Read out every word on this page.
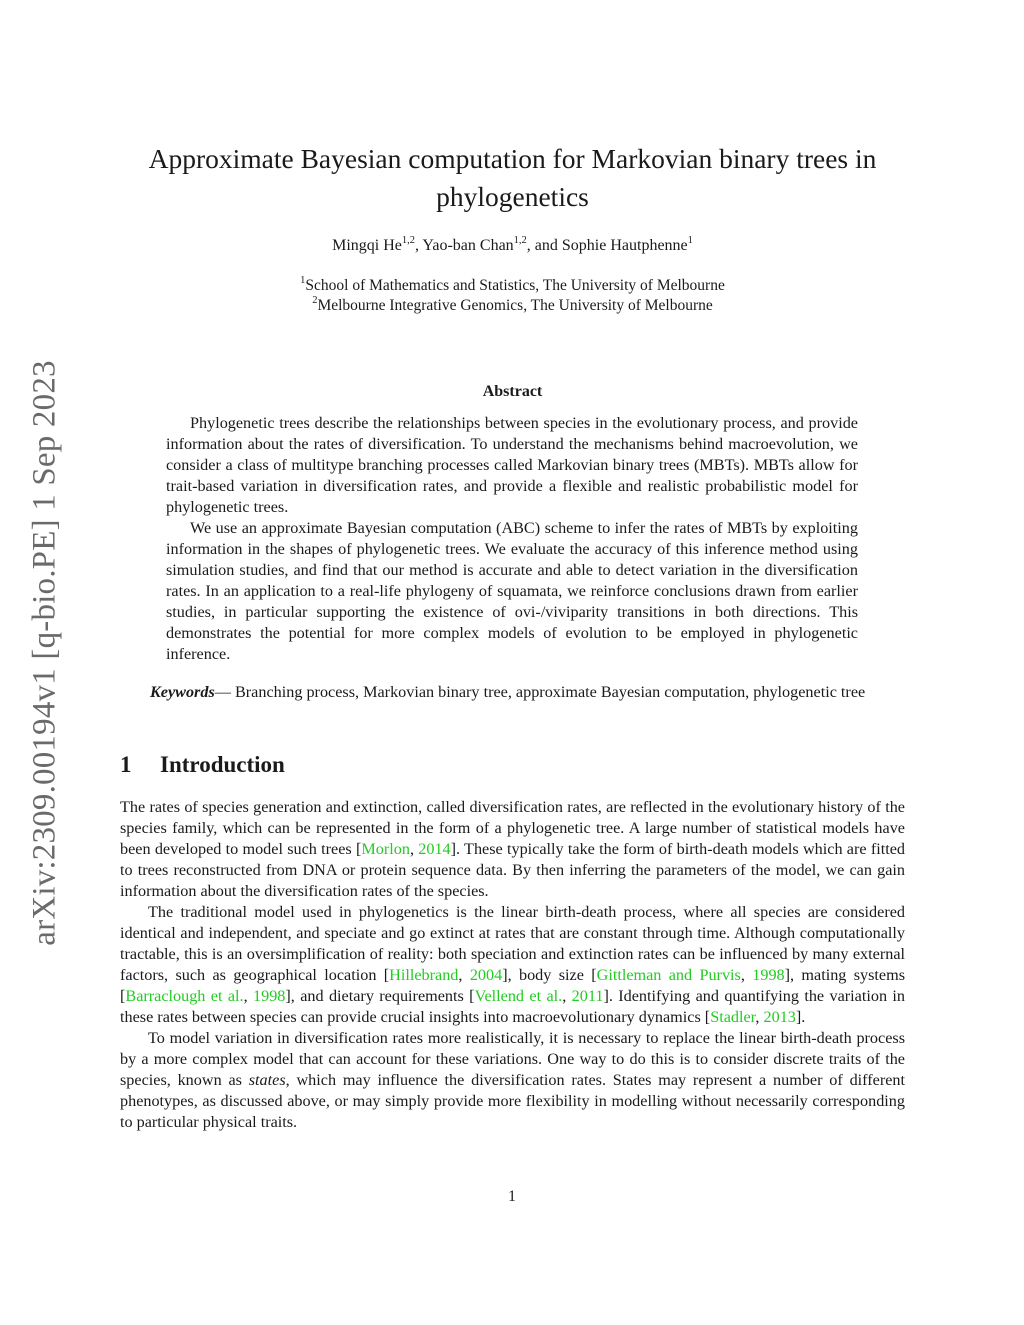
arXiv:2309.00194v1 [q-bio.PE] 1 Sep 2023
Approximate Bayesian computation for Markovian binary trees in phylogenetics
Mingqi He$^{1,2}$, Yao-ban Chan$^{1,2}$, and Sophie Hautphenne$^1$
$^1$School of Mathematics and Statistics, The University of Melbourne
$^2$Melbourne Integrative Genomics, The University of Melbourne
Abstract

Phylogenetic trees describe the relationships between species in the evolutionary process, and provide information about the rates of diversification. To understand the mechanisms behind macroevolution, we consider a class of multitype branching processes called Markovian binary trees (MBTs). MBTs allow for trait-based variation in diversification rates, and provide a flexible and realistic probabilistic model for phylogenetic trees.

We use an approximate Bayesian computation (ABC) scheme to infer the rates of MBTs by exploiting information in the shapes of phylogenetic trees. We evaluate the accuracy of this inference method using simulation studies, and find that our method is accurate and able to detect variation in the diversification rates. In an application to a real-life phylogeny of squamata, we reinforce conclusions drawn from earlier studies, in particular supporting the existence of ovi-/viviparity transitions in both directions. This demonstrates the potential for more complex models of evolution to be employed in phylogenetic inference.

Keywords— Branching process, Markovian binary tree, approximate Bayesian computation, phylogenetic tree

1 Introduction

The rates of species generation and extinction, called diversification rates, are reflected in the evolutionary history of the species family, which can be represented in the form of a phylogenetic tree. A large number of statistical models have been developed to model such trees [Morlon, 2014]. These typically take the form of birth-death models which are fitted to trees reconstructed from DNA or protein sequence data. By then inferring the parameters of the model, we can gain information about the diversification rates of the species.

The traditional model used in phylogenetics is the linear birth-death process, where all species are considered identical and independent, and speciate and go extinct at rates that are constant through time. Although computationally tractable, this is an oversimplification of reality: both speciation and extinction rates can be influenced by many external factors, such as geographical location [Hillebrand, 2004], body size [Gittleman and Purvis, 1998], mating systems [Barraclough et al., 1998], and dietary requirements [Vellend et al., 2011]. Identifying and quantifying the variation in these rates between species can provide crucial insights into macroevolutionary dynamics [Stadler, 2013].

To model variation in diversification rates more realistically, it is necessary to replace the linear birth-death process by a more complex model that can account for these variations. One way to do this is to consider discrete traits of the species, known as states, which may influence the diversification rates. States may represent a number of different phenotypes, as discussed above, or may simply provide more flexibility in modelling without necessarily corresponding to particular physical traits.

1
